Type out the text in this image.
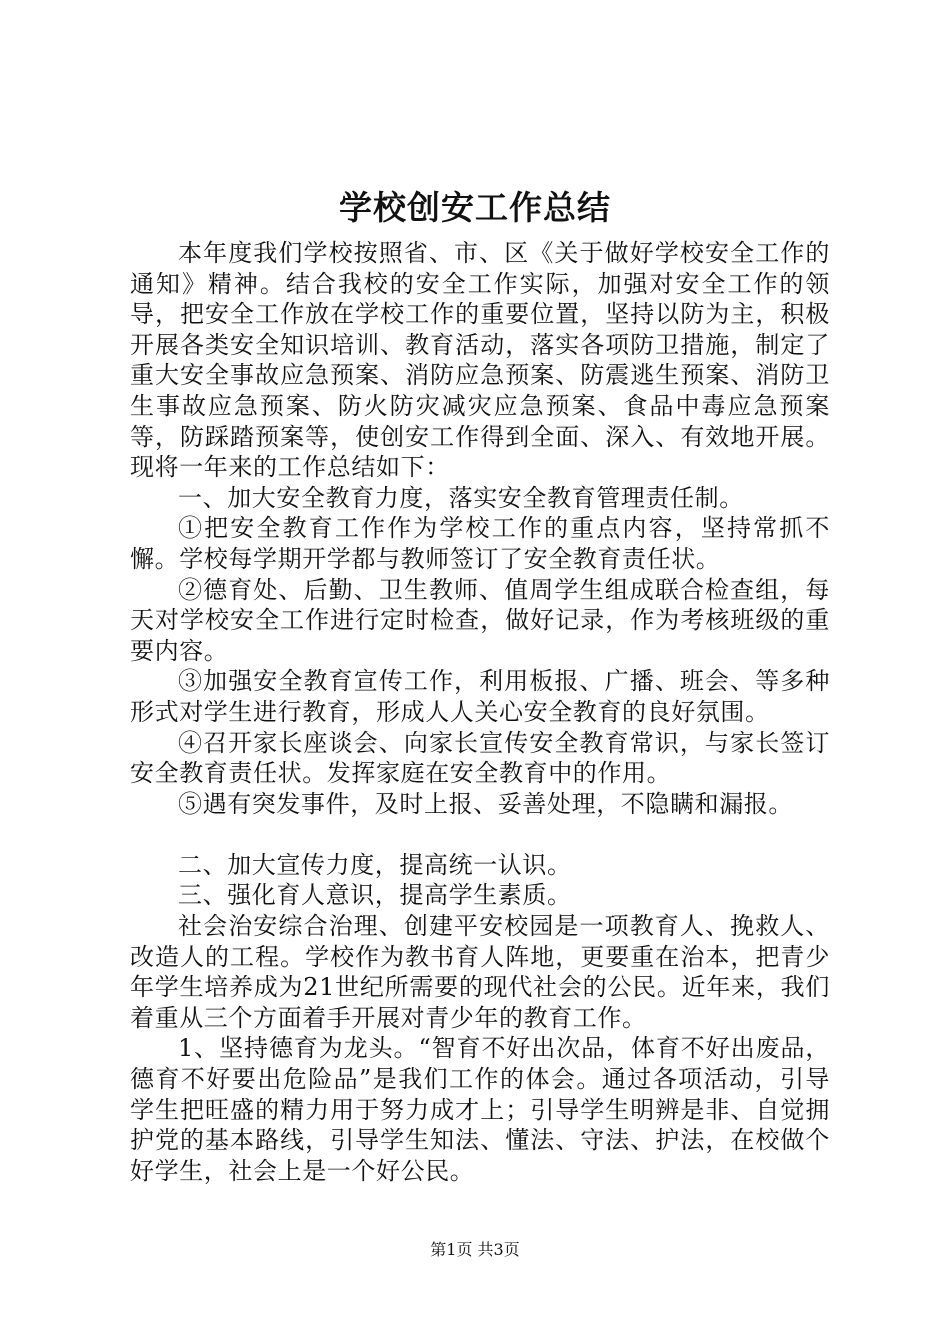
学校创安工作总结

本年度我们学校按照省、市、区《关于做好学校安全工作的通知》精神。结合我校的安全工作实际，加强对安全工作的领导，把安全工作放在学校工作的重要位置，坚持以防为主，积极开展各类安全知识培训、教育活动，落实各项防卫措施，制定了重大安全事故应急预案、消防应急预案、防震逃生预案、消防卫生事故应急预案、防火防灾减灾应急预案、食品中毒应急预案等，防踩踏预案等，使创安工作得到全面、深入、有效地开展。现将一年来的工作总结如下：

一、加大安全教育力度，落实安全教育管理责任制。

①把安全教育工作作为学校工作的重点内容，坚持常抓不懈。学校每学期开学都与教师签订了安全教育责任状。

②德育处、后勤、卫生教师、值周学生组成联合检查组，每天对学校安全工作进行定时检查，做好记录，作为考核班级的重要内容。

③加强安全教育宣传工作，利用板报、广播、班会、等多种形式对学生进行教育，形成人人关心安全教育的良好氛围。

④召开家长座谈会、向家长宣传安全教育常识，与家长签订安全教育责任状。发挥家庭在安全教育中的作用。

⑤遇有突发事件，及时上报、妥善处理，不隐瞒和漏报。

二、加大宣传力度，提高统一认识。

三、强化育人意识，提高学生素质。

社会治安综合治理、创建平安校园是一项教育人、挽救人、改造人的工程。学校作为教书育人阵地，更要重在治本，把青少年学生培养成为21世纪所需要的现代社会的公民。近年来，我们着重从三个方面着手开展对青少年的教育工作。

1、坚持德育为龙头。“智育不好出次品，体育不好出废品，德育不好要出危险品”是我们工作的体会。通过各项活动，引导学生把旺盛的精力用于努力成才上；引导学生明辨是非、自觉拥护党的基本路线，引导学生知法、懂法、守法、护法，在校做个好学生，社会上是一个好公民。

第1页 共3页
